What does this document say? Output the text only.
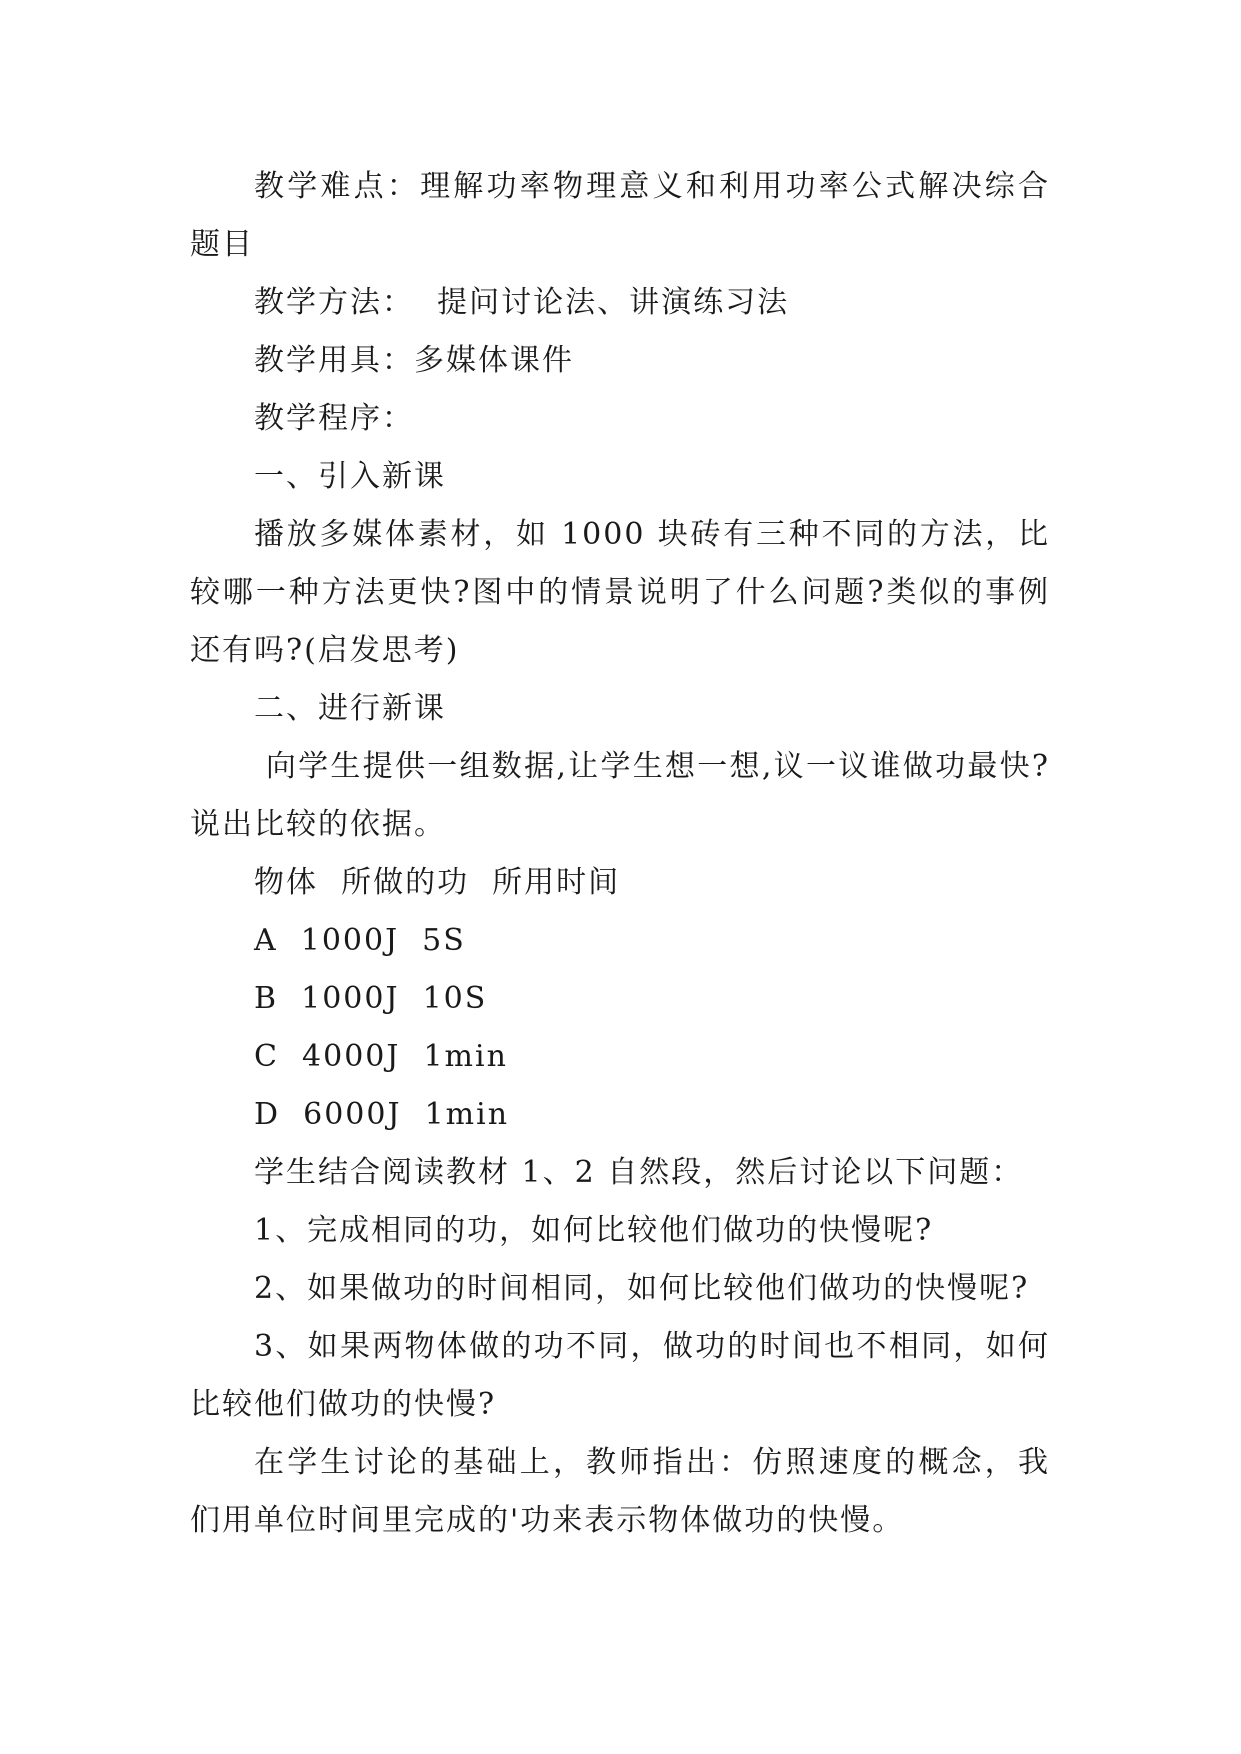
教学难点：理解功率物理意义和利用功率公式解决综合题目

教学方法：  提问讨论法、讲演练习法

教学用具：多媒体课件

教学程序：

一、引入新课

播放多媒体素材，如 1000 块砖有三种不同的方法，比较哪一种方法更快?图中的情景说明了什么问题?类似的事例还有吗?(启发思考)

二、进行新课

向学生提供一组数据,让学生想一想,议一议谁做功最快?说出比较的依据。

物体  所做的功  所用时间

A  1000J  5S

B  1000J  10S

C  4000J  1min

D  6000J  1min

学生结合阅读教材 1、2 自然段，然后讨论以下问题：

1、完成相同的功，如何比较他们做功的快慢呢?

2、如果做功的时间相同，如何比较他们做功的快慢呢?

3、如果两物体做的功不同，做功的时间也不相同，如何比较他们做功的快慢?

在学生讨论的基础上，教师指出：仿照速度的概念，我们用单位时间里完成的'功来表示物体做功的快慢。
